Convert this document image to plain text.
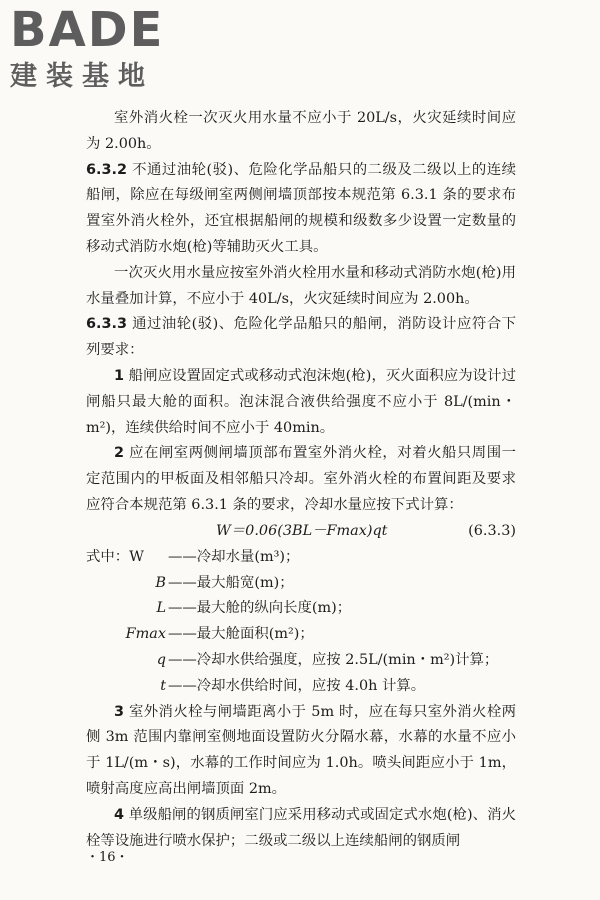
BADE
建装基地

室外消火栓一次灭火用水量不应小于 20L/s，火灾延续时间应为 2.00h。

6.3.2 不通过油轮(驳)、危险化学品船只的二级及二级以上的连续船闸，除应在每级闸室两侧闸墙顶部按本规范第 6.3.1 条的要求布置室外消火栓外，还宜根据船闸的规模和级数多少设置一定数量的移动式消防水炮(枪)等辅助灭火工具。

一次灭火用水量应按室外消火栓用水量和移动式消防水炮(枪)用水量叠加计算，不应小于 40L/s，火灾延续时间应为 2.00h。

6.3.3 通过油轮(驳)、危险化学品船只的船闸，消防设计应符合下列要求：

1 船闸应设置固定式或移动式泡沫炮(枪)，灭火面积应为设计过闸船只最大舱的面积。泡沫混合液供给强度不应小于 8L/(min・m²)，连续供给时间不应小于 40min。

2 应在闸室两侧闸墙顶部布置室外消火栓，对着火船只周围一定范围内的甲板面及相邻船只冷却。室外消火栓的布置间距及要求应符合本规范第 6.3.1 条的要求，冷却水量应按下式计算：

W＝0.06(3BL－Fmax)qt	(6.3.3)
式中：W	——冷却水量(m³)；
B ——最大船宽(m)；
L ——最大舱的纵向长度(m)；
Fmax ——最大舱面积(m²)；
q ——冷却水供给强度，应按 2.5L/(min・m²)计算；
t ——冷却水供给时间，应按 4.0h 计算。

3 室外消火栓与闸墙距离小于 5m 时，应在每只室外消火栓两侧 3m 范围内靠闸室侧地面设置防火分隔水幕，水幕的水量不应小于 1L/(m・s)，水幕的工作时间应为 1.0h。喷头间距应小于 1m，喷射高度应高出闸墙顶面 2m。

4 单级船闸的钢质闸室门应采用移动式或固定式水炮(枪)、消火栓等设施进行喷水保护；二级或二级以上连续船闸的钢质闸

・16・
